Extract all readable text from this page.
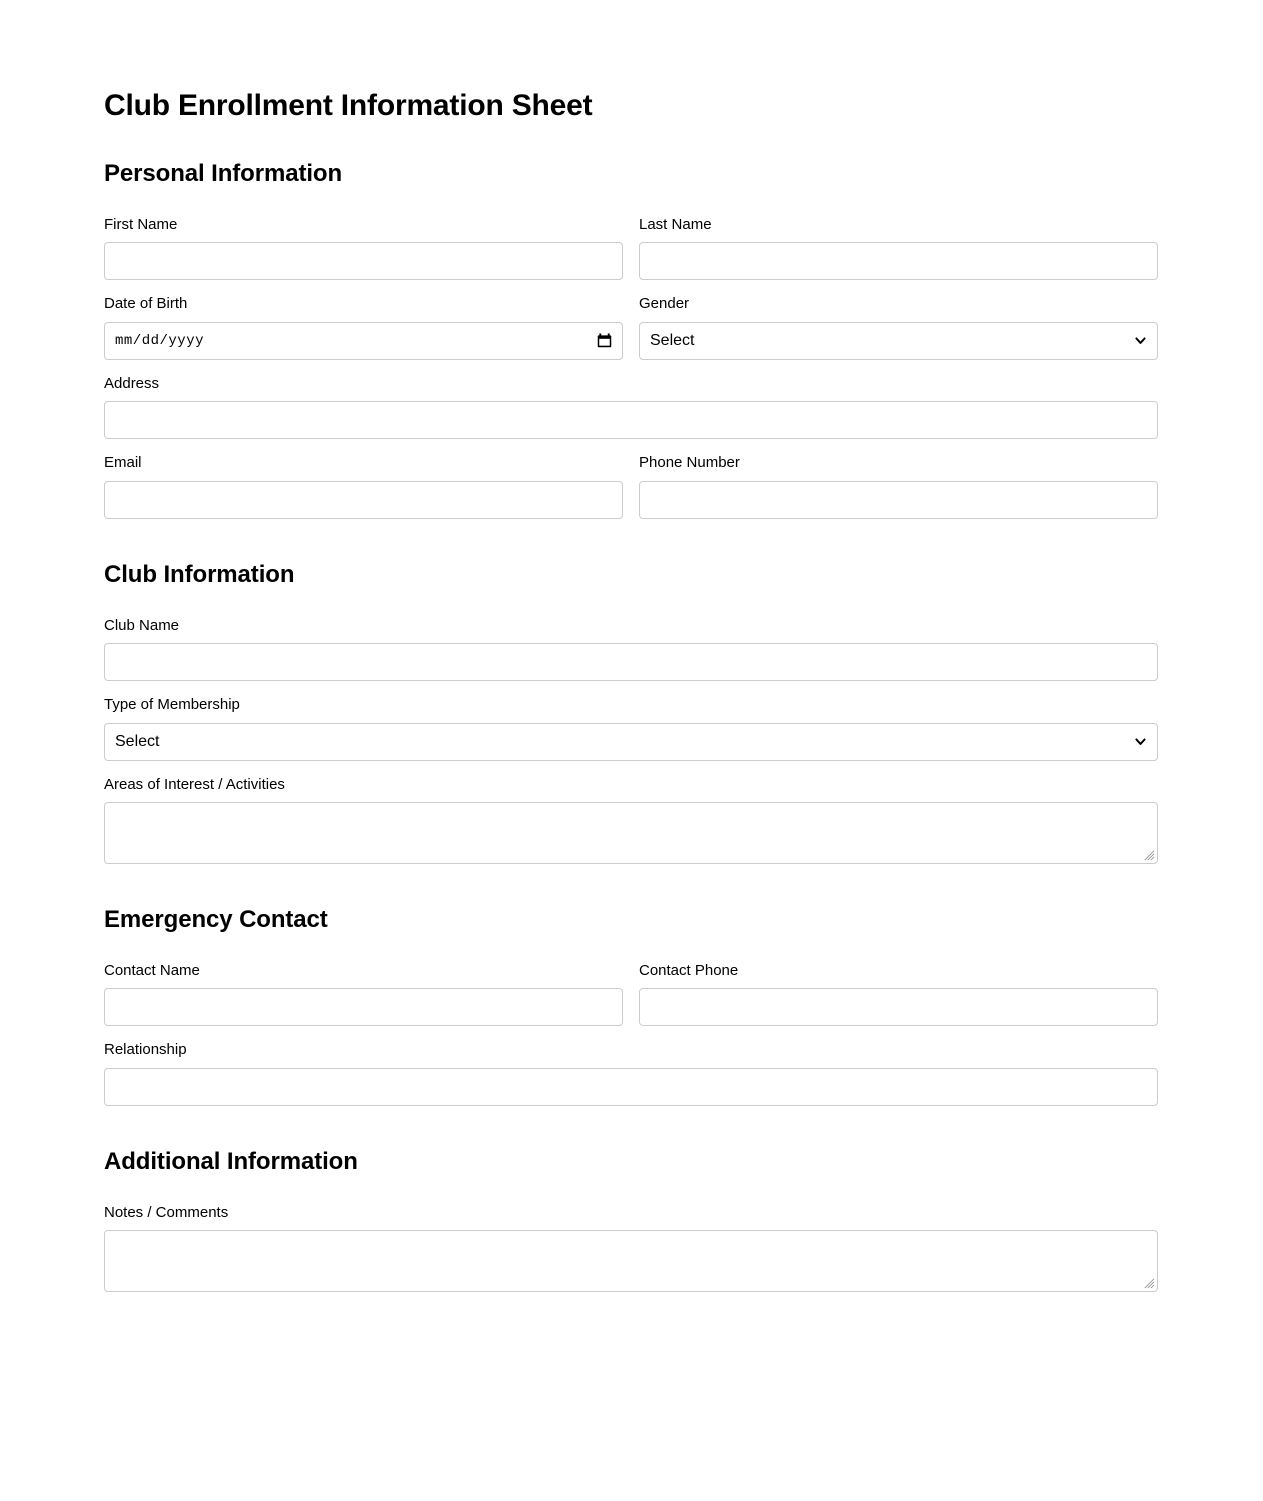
Club Enrollment Information Sheet
Personal Information
First Name	Last Name
Date of Birth
mm/dd/yyyy
Gender
Select
Address
Email	Phone Number
Club Information
Club Name
Type of Membership
Select
Areas of Interest / Activities
Emergency Contact
Contact Name	Contact Phone
Relationship
Additional Information
Notes / Comments
